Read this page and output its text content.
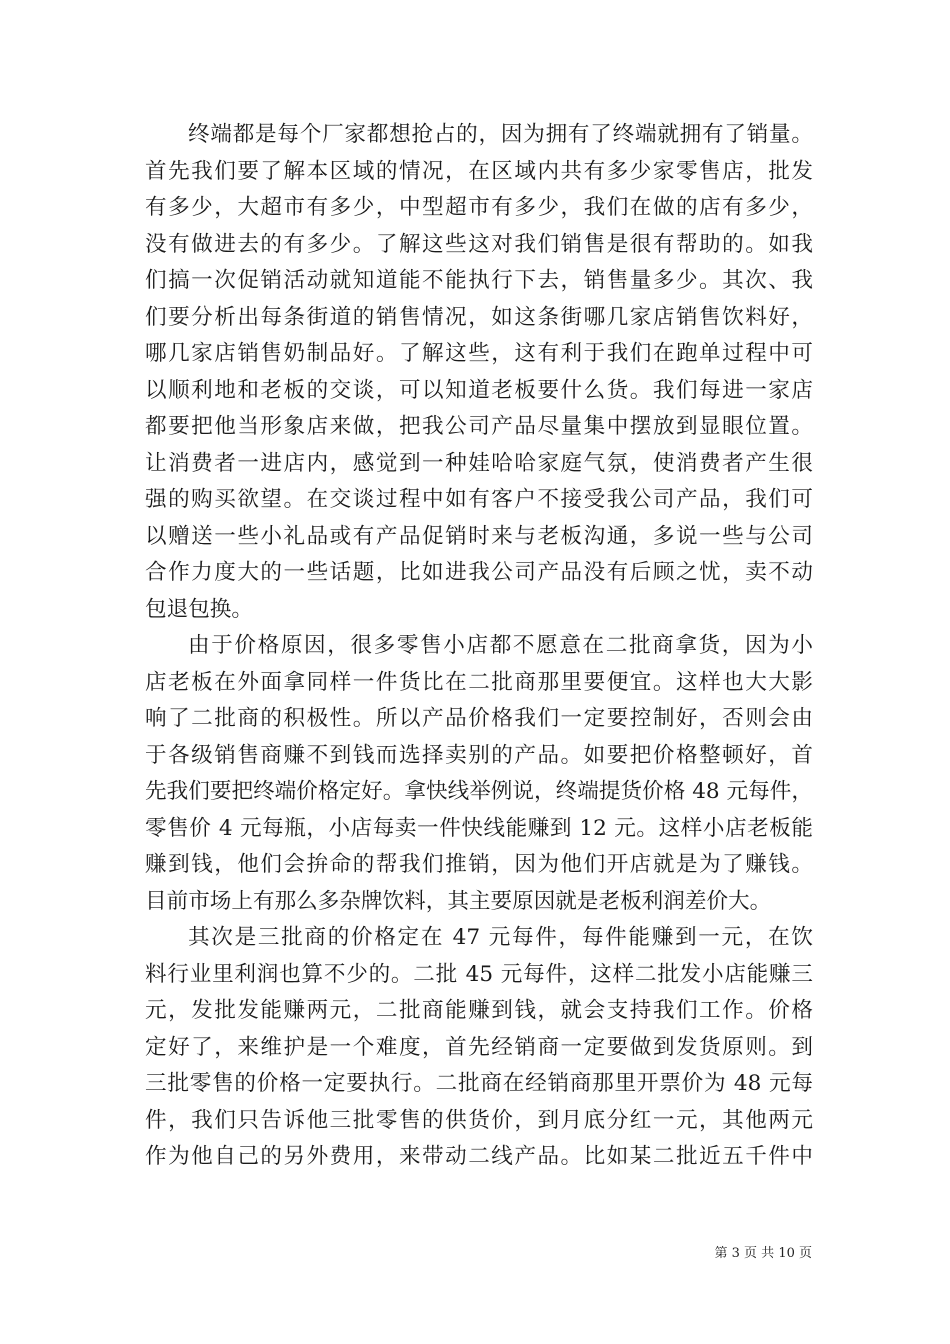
终端都是每个厂家都想抢占的，因为拥有了终端就拥有了销量。
首先我们要了解本区域的情况，在区域内共有多少家零售店，批发
有多少，大超市有多少，中型超市有多少，我们在做的店有多少，
没有做进去的有多少。了解这些这对我们销售是很有帮助的。如我
们搞一次促销活动就知道能不能执行下去，销售量多少。其次、我
们要分析出每条街道的销售情况，如这条街哪几家店销售饮料好，
哪几家店销售奶制品好。了解这些，这有利于我们在跑单过程中可
以顺利地和老板的交谈，可以知道老板要什么货。我们每进一家店
都要把他当形象店来做，把我公司产品尽量集中摆放到显眼位置。
让消费者一进店内，感觉到一种娃哈哈家庭气氛，使消费者产生很
强的购买欲望。在交谈过程中如有客户不接受我公司产品，我们可
以赠送一些小礼品或有产品促销时来与老板沟通，多说一些与公司
合作力度大的一些话题，比如进我公司产品没有后顾之忧，卖不动
包退包换。
由于价格原因，很多零售小店都不愿意在二批商拿货，因为小
店老板在外面拿同样一件货比在二批商那里要便宜。这样也大大影
响了二批商的积极性。所以产品价格我们一定要控制好，否则会由
于各级销售商赚不到钱而选择卖别的产品。如要把价格整顿好，首
先我们要把终端价格定好。拿快线举例说，终端提货价格 48 元每件，
零售价 4 元每瓶，小店每卖一件快线能赚到 12 元。这样小店老板能
赚到钱，他们会拚命的帮我们推销，因为他们开店就是为了赚钱。
目前市场上有那么多杂牌饮料，其主要原因就是老板利润差价大。
其次是三批商的价格定在 47 元每件，每件能赚到一元，在饮
料行业里利润也算不少的。二批 45 元每件，这样二批发小店能赚三
元，发批发能赚两元，二批商能赚到钱，就会支持我们工作。价格
定好了，来维护是一个难度，首先经销商一定要做到发货原则。到
三批零售的价格一定要执行。二批商在经销商那里开票价为 48 元每
件，我们只告诉他三批零售的供货价，到月底分红一元，其他两元
作为他自己的另外费用，来带动二线产品。比如某二批近五千件中
第 3 页 共 10 页
